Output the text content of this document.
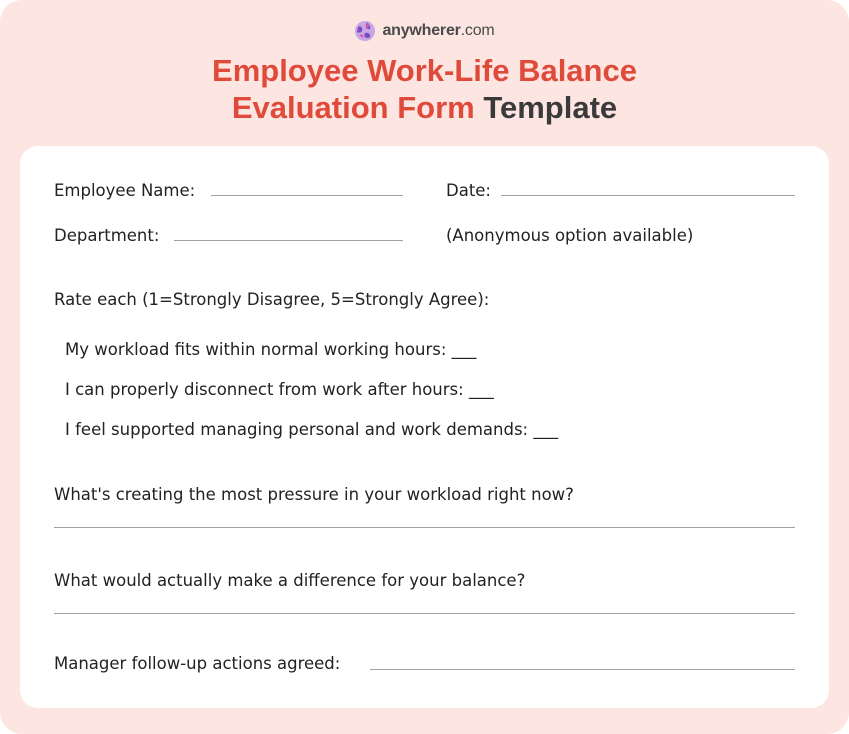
anywherer.com
Employee Work-Life Balance
Evaluation Form Template
Employee Name:	Date:
Department:	(Anonymous option available)
Rate each (1=Strongly Disagree, 5=Strongly Agree):
My workload fits within normal working hours: ___
I can properly disconnect from work after hours: ___
I feel supported managing personal and work demands: ___
What's creating the most pressure in your workload right now?
What would actually make a difference for your balance?
Manager follow-up actions agreed:
